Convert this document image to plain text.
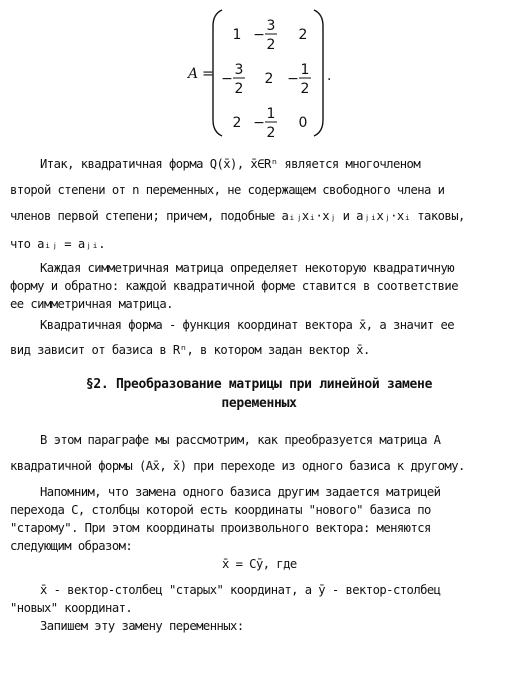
A =
1 −
3
2
2
−
3
2
2 −
1
2
2 −
1
2
0
.
Итак, квадратичная форма Q(x̄), x̄∈Rⁿ является многочленом
второй степени от n переменных, не содержащем свободного члена и
членов первой степени; причем, подобные aᵢⱼxᵢ·xⱼ и aⱼᵢxⱼ·xᵢ таковы,
что aᵢⱼ = aⱼᵢ.
Каждая симметричная матрица определяет некоторую квадратичную
форму и обратно: каждой квадратичной форме ставится в соответствие
ее симметричная матрица.
Квадратичная форма - функция координат вектора x̄, а значит ее
вид зависит от базиса в Rⁿ, в котором задан вектор x̄.
§2. Преобразование матрицы при линейной замене
переменных
В этом параграфе мы рассмотрим, как преобразуется матрица A
квадратичной формы (Ax̄, x̄) при переходе из одного базиса к другому.
Напомним, что замена одного базиса другим задается матрицей
перехода C, столбцы которой есть координаты "нового" базиса по
"старому". При этом координаты произвольного вектора: меняются
следующим образом:
x̄ = Cȳ, где
x̄ - вектор-столбец "старых" координат, а ȳ - вектор-столбец
"новых" координат.
Запишем эту замену переменных:
